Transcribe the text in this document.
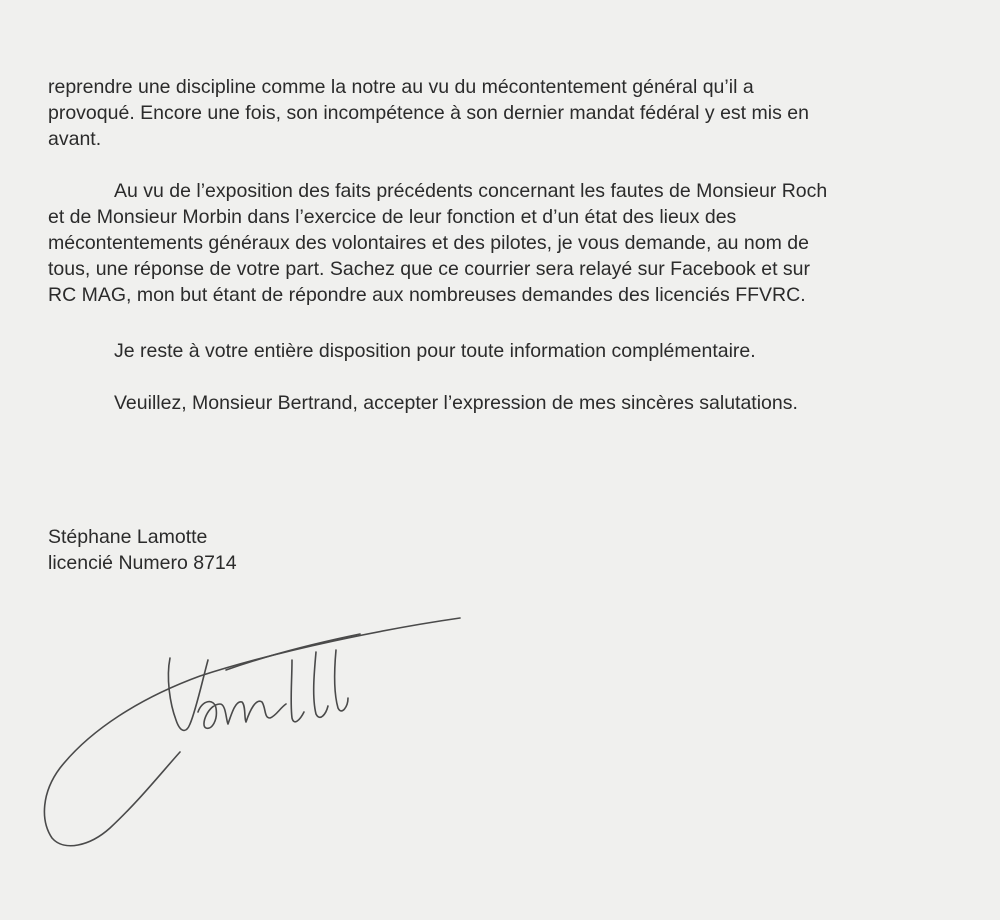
reprendre une discipline comme la notre au vu du mécontentement général qu’il a
provoqué. Encore une fois, son incompétence à son dernier mandat fédéral y est mis en
avant.

Au vu de l’exposition des faits précédents concernant les fautes de Monsieur Roch
et de Monsieur Morbin dans l’exercice de leur fonction et d’un état des lieux des
mécontentements généraux des volontaires et des pilotes, je vous demande, au nom de
tous, une réponse de votre part. Sachez que ce courrier sera relayé sur Facebook et sur
RC MAG, mon but étant de répondre aux nombreuses demandes des licenciés FFVRC.

Je reste à votre entière disposition pour toute information complémentaire.

Veuillez, Monsieur Bertrand, accepter l’expression de mes sincères salutations.

Stéphane Lamotte
licencié Numero 8714
